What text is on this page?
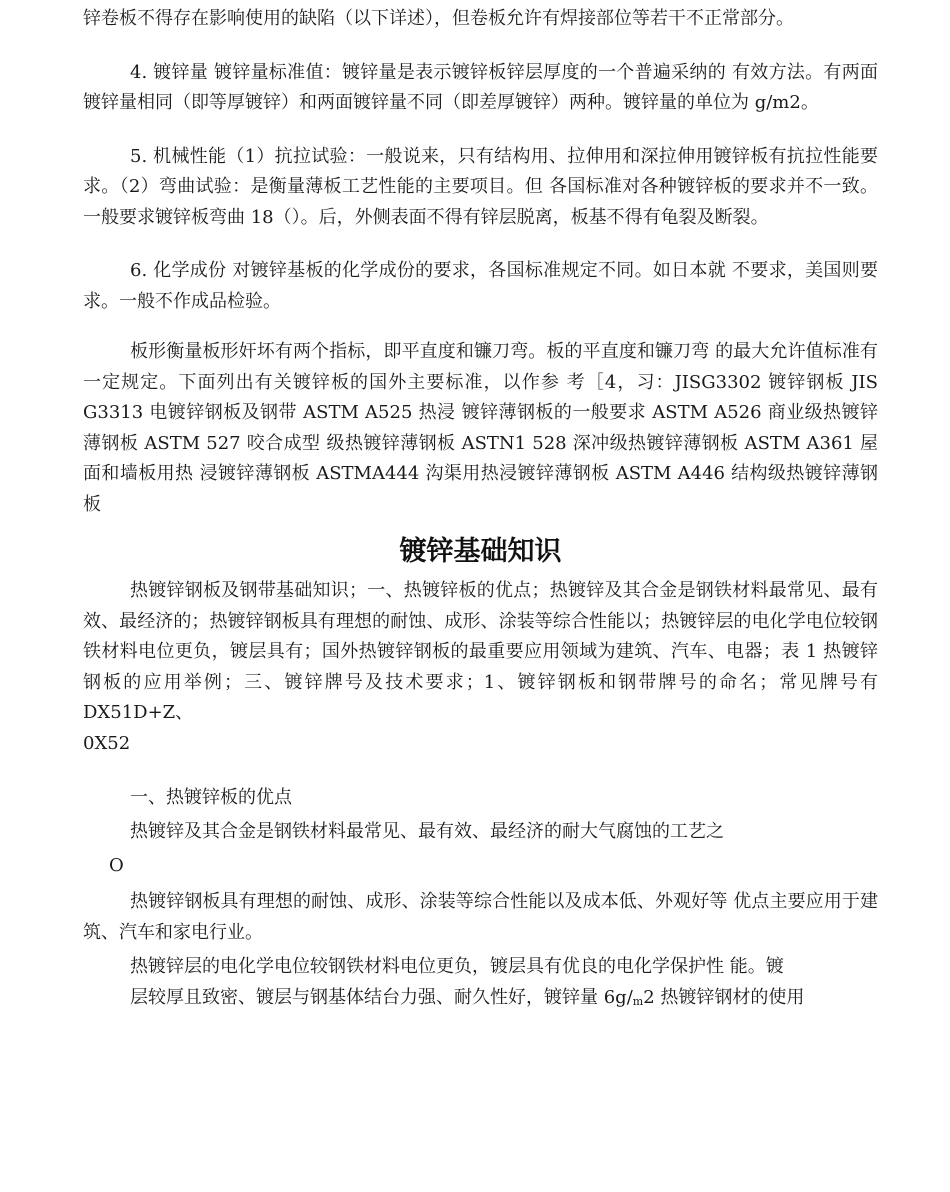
锌卷板不得存在影响使用的缺陷（以下详述），但卷板允许有焊接部位等若干不正常部分。

4. 镀锌量 镀锌量标准值：镀锌量是表示镀锌板锌层厚度的一个普遍采纳的 有效方法。有两面镀锌量相同（即等厚镀锌）和两面镀锌量不同（即差厚镀锌）两种。镀锌量的单位为 g/m2。

5. 机械性能（1）抗拉试验：一般说来，只有结构用、拉伸用和深拉伸用镀锌板有抗拉性能要求。（2）弯曲试验：是衡量薄板工艺性能的主要项目。但 各国标准对各种镀锌板的要求并不一致。一般要求镀锌板弯曲 18（）。后，外侧表面不得有锌层脱离，板基不得有龟裂及断裂。

6. 化学成份 对镀锌基板的化学成份的要求，各国标准规定不同。如日本就 不要求，美国则要求。一般不作成品检验。

板形衡量板形奸坏有两个指标，即平直度和镰刀弯。板的平直度和镰刀弯 的最大允许值标准有一定规定。下面列出有关镀锌板的国外主要标准，以作参 考［4，习：JISG3302 镀锌钢板 JIS G3313 电镀锌钢板及钢带 ASTM A525 热浸 镀锌薄钢板的一般要求 ASTM A526 商业级热镀锌薄钢板 ASTM 527 咬合成型 级热镀锌薄钢板 ASTN1 528 深冲级热镀锌薄钢板 ASTM A361 屋面和墙板用热 浸镀锌薄钢板 ASTMA444 沟渠用热浸镀锌薄钢板 ASTM A446 结构级热镀锌薄钢板

镀锌基础知识

热镀锌钢板及钢带基础知识；一、热镀锌板的优点；热镀锌及其合金是钢铁材料最常见、最有效、最经济的；热镀锌钢板具有理想的耐蚀、成形、涂装等综合性能以；热镀锌层的电化学电位较钢铁材料电位更负，镀层具有；国外热镀锌钢板的最重要应用领域为建筑、汽车、电器；表 1 热镀锌钢板的应用举例；三、镀锌牌号及技术要求；1、镀锌钢板和钢带牌号的命名；常见牌号有 DX51D+Z、

0X52

一、热镀锌板的优点

热镀锌及其合金是钢铁材料最常见、最有效、最经济的耐大气腐蚀的工艺之

O

热镀锌钢板具有理想的耐蚀、成形、涂装等综合性能以及成本低、外观好等 优点主要应用于建筑、汽车和家电行业。

热镀锌层的电化学电位较钢铁材料电位更负，镀层具有优良的电化学保护性 能。镀

层较厚且致密、镀层与钢基体结台力强、耐久性好，镀锌量 6g/m2 热镀锌钢材的使用
